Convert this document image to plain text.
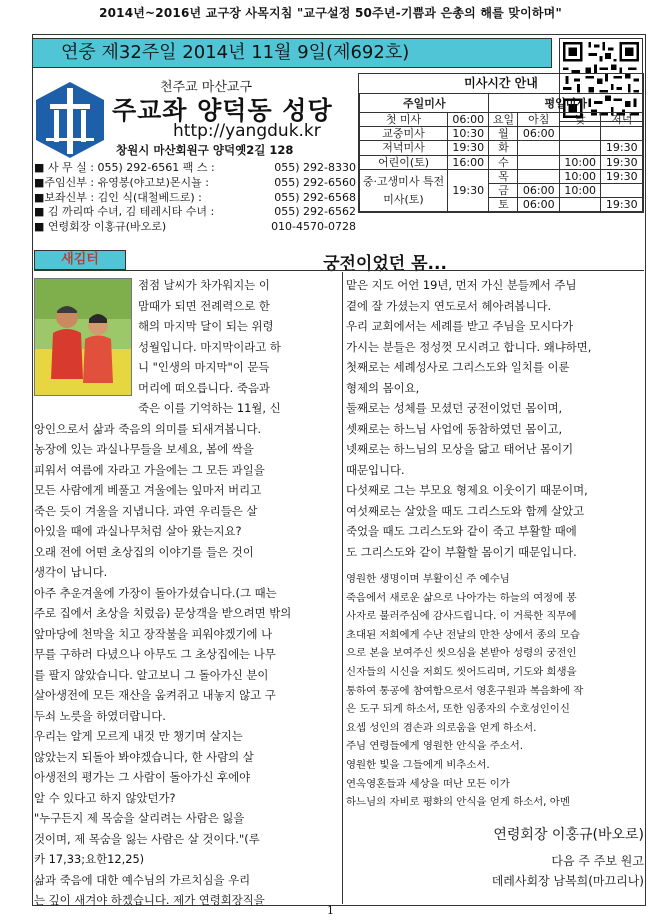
2014년~2016년 교구장 사목지침 "교구설정 50주년-기쁨과 은총의 해를 맞이하며"
연중 제32주일 2014년 11월 9일(제692호)
천주교 마산교구
주교좌 양덕동 성당
http://yangduk.kr
창원시 마산회원구 양덕옛2길 128
■ 사 무 실 : 055) 292-6561 팩 스 :	055) 292-8330
■주임신부 : 유영봉(야고보)몬시뇰 :	055) 292-6560
■보좌신부 : 김인 식(대철베드로) :	055) 292-6568
■ 김 까리따 수녀, 김 테레시타 수녀 :	055) 292-6562
■ 연령회장 이홍규(바오로)	010-4570-0728
미사시간 안내
주일미사		평일미사			
첫 미사	06:00	요일	아침	낮	저녁
교중미사	10:30	월	06:00		
저녁미사	19:30	화			19:30
어린이(토)	16:00	수		10:00	19:30
중·고생미사 특전미사(토)	19:30	목		10:00	19:30
		금	06:00	10:00	
		토	06:00		19:30
새김터	궁전이었던 몸...
점점 날씨가 차가워지는 이
맘때가 되면 전례력으로 한
해의 마지막 달이 되는 위령
성월입니다. 마지막이라고 하
니 "인생의 마지막"이 문득
머리에 떠오릅니다. 죽음과
죽은 이를 기억하는 11월, 신
앙인으로서 삶과 죽음의 의미를 되새겨봅니다.
농장에 있는 과실나무들을 보세요, 봄에 싹을
피워서 여름에 자라고 가을에는 그 모든 과일을
모든 사람에게 베풀고 겨울에는 잎마저 버리고
죽은 듯이 겨울을 지냅니다. 과연 우리들은 살
아있을 때에 과실나무처럼 살아 왔는지요?
오래 전에 어떤 초상집의 이야기를 들은 것이
생각이 납니다.
아주 추운겨울에 가장이 돌아가셨습니다.(그 때는
주로 집에서 초상을 치렀음) 문상객을 받으려면 밖의
앞마당에 천막을 치고 장작불을 피워야겠기에 나
무를 구하러 다녔으나 아무도 그 초상집에는 나무
를 팔지 않았습니다. 알고보니 그 돌아가신 분이
살아생전에 모든 재산을 움켜쥐고 내놓지 않고 구
두쇠 노릇을 하였더랍니다.
우리는 알게 모르게 내것 만 챙기며 살지는
않았는지 되돌아 봐야겠습니다, 한 사람의 살
아생전의 평가는 그 사람이 돌아가신 후에야
알 수 있다고 하지 않았던가?
"누구든지 제 목숨을 살리려는 사람은 잃을
것이며, 제 목숨을 잃는 사람은 살 것이다."(루
카 17,33;요한12,25)
삶과 죽음에 대한 예수님의 가르치심을 우리
는 깊이 새겨야 하겠습니다. 제가 연령회장직을
맡은 지도 어언 19년, 먼저 가신 분들께서 주님
곁에 잘 가셨는지 연도로서 헤아려봅니다.
우리 교회에서는 세례를 받고 주님을 모시다가
가시는 분들은 정성껏 모시려고 합니다. 왜냐하면,
첫째로는 세례성사로 그리스도와 일치를 이룬
형제의 몸이요,
둘째로는 성체를 모셨던 궁전이었던 몸이며,
셋째로는 하느님 사업에 동참하였던 몸이고,
넷째로는 하느님의 모상을 닮고 태어난 몸이기
때문입니다.
다섯째로 그는 부모요 형제요 이웃이기 때문이며,
여섯째로는 살았을 때도 그리스도와 함께 살았고
죽었을 때도 그리스도와 같이 죽고 부활할 때에
도 그리스도와 같이 부활할 몸이기 때문입니다.
영원한 생명이며 부활이신 주 예수님
죽음에서 새로운 삶으로 나아가는 하늘의 여정에 봉
사자로 불러주심에 감사드립니다. 이 거룩한 직무에
초대된 저희에게 수난 전날의 만찬 상에서 종의 모습
으로 본을 보여주신 씻으심을 본받아 성령의 궁전인
신자들의 시신을 저희도 씻어드리며, 기도와 희생을
통하여 통공에 참여함으로서 영혼구원과 복음화에 작
은 도구 되게 하소서, 또한 임종자의 수호성인이신
요셉 성인의 겸손과 의로움을 얻게 하소서.
주님 연령들에게 영원한 안식을 주소서.
영원한 빛을 그들에게 비추소서.
연옥영혼들과 세상을 떠난 모든 이가
하느님의 자비로 평화의 안식을 얻게 하소서, 아멘
연령회장 이홍규(바오로)
다음 주 주보 원고
데레사회장 남복희(마끄리나)
1
